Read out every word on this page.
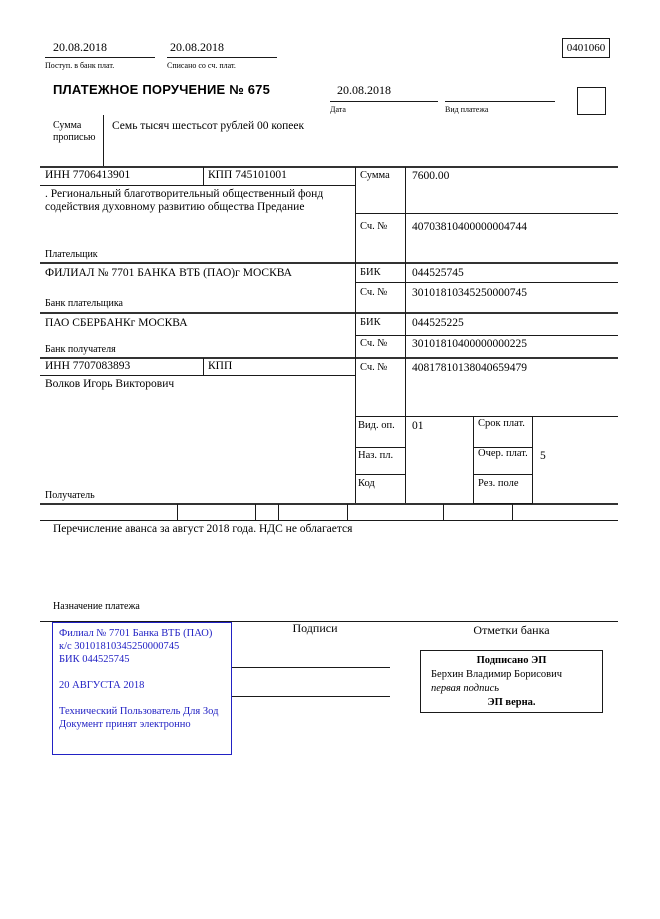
20.08.2018
Поступ. в банк плат.
20.08.2018
Списано со сч. плат.
0401060
ПЛАТЕЖНОЕ ПОРУЧЕНИЕ № 675	20.08.2018
Дата	Вид платежа
Сумма прописью
Семь тысяч шестьсот рублей 00 копеек
ИНН 7706413901	КПП 745101001	Сумма 7600.00
. Региональный благотворительный общественный фонд содействия духовному развитию общества Предание
Плательщик
Сч. № 40703810400000004744
ФИЛИАЛ № 7701 БАНКА ВТБ (ПАО)г МОСКВА
Банк плательщика
БИК	044525745
Сч. № 30101810345250000745
ПАО СБЕРБАНКг МОСКВА
Банк получателя
БИК	044525225
Сч. № 30101810400000000225
ИНН 7707083893	КПП	Сч. № 40817810138040659479
Волков Игорь Викторович
Получатель
Вид. оп. 01	Срок плат.
Наз. пл.	Очер. плат. 5
Код	Рез. поле
Перечисление аванса за август 2018 года. НДС не облагается
Назначение платежа
Филиал № 7701 Банка ВТБ (ПАО)
к/с 30101810345250000745
БИК 044525745
20 АВГУСТА 2018
Технический Пользователь Для Зод
Документ принят электронно
Подписи	Отметки банка
Подписано ЭП
Берхин Владимир Борисович
первая подпись
ЭП верна.
